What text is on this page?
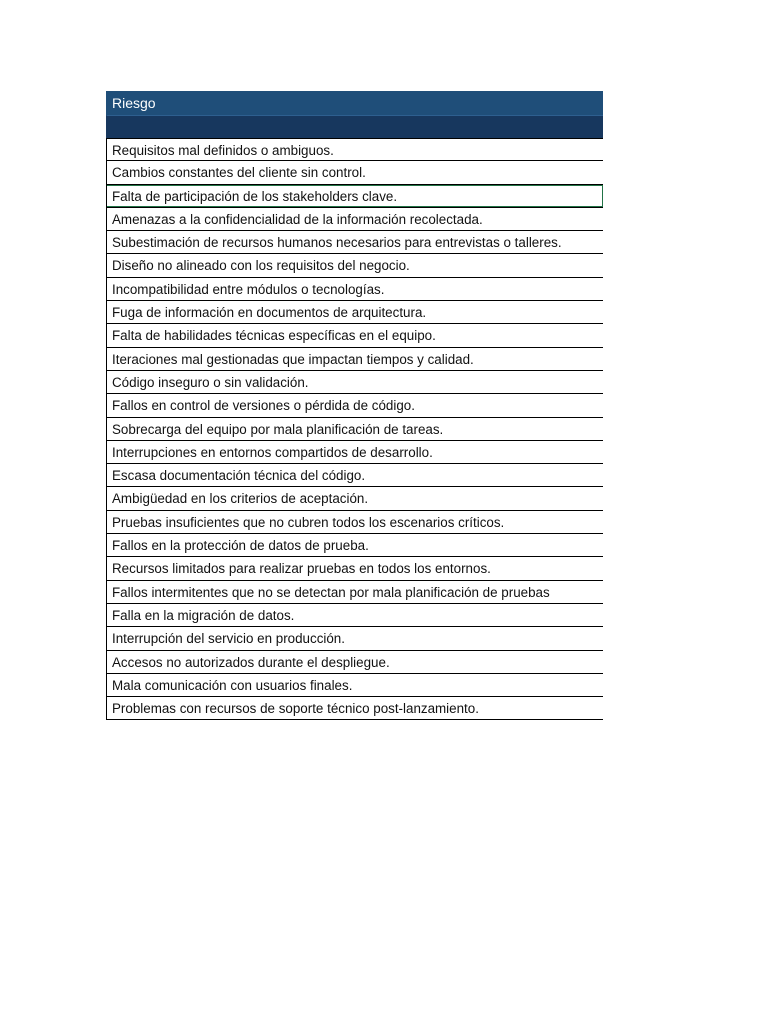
Riesgo
Requisitos mal definidos o ambiguos.
Cambios constantes del cliente sin control.
Falta de participación de los stakeholders clave.
Amenazas a la confidencialidad de la información recolectada.
Subestimación de recursos humanos necesarios para entrevistas o talleres.
Diseño no alineado con los requisitos del negocio.
Incompatibilidad entre módulos o tecnologías.
Fuga de información en documentos de arquitectura.
Falta de habilidades técnicas específicas en el equipo.
Iteraciones mal gestionadas que impactan tiempos y calidad.
Código inseguro o sin validación.
Fallos en control de versiones o pérdida de código.
Sobrecarga del equipo por mala planificación de tareas.
Interrupciones en entornos compartidos de desarrollo.
Escasa documentación técnica del código.
Ambigüedad en los criterios de aceptación.
Pruebas insuficientes que no cubren todos los escenarios críticos.
Fallos en la protección de datos de prueba.
Recursos limitados para realizar pruebas en todos los entornos.
Fallos intermitentes que no se detectan por mala planificación de pruebas
Falla en la migración de datos.
Interrupción del servicio en producción.
Accesos no autorizados durante el despliegue.
Mala comunicación con usuarios finales.
Problemas con recursos de soporte técnico post-lanzamiento.
